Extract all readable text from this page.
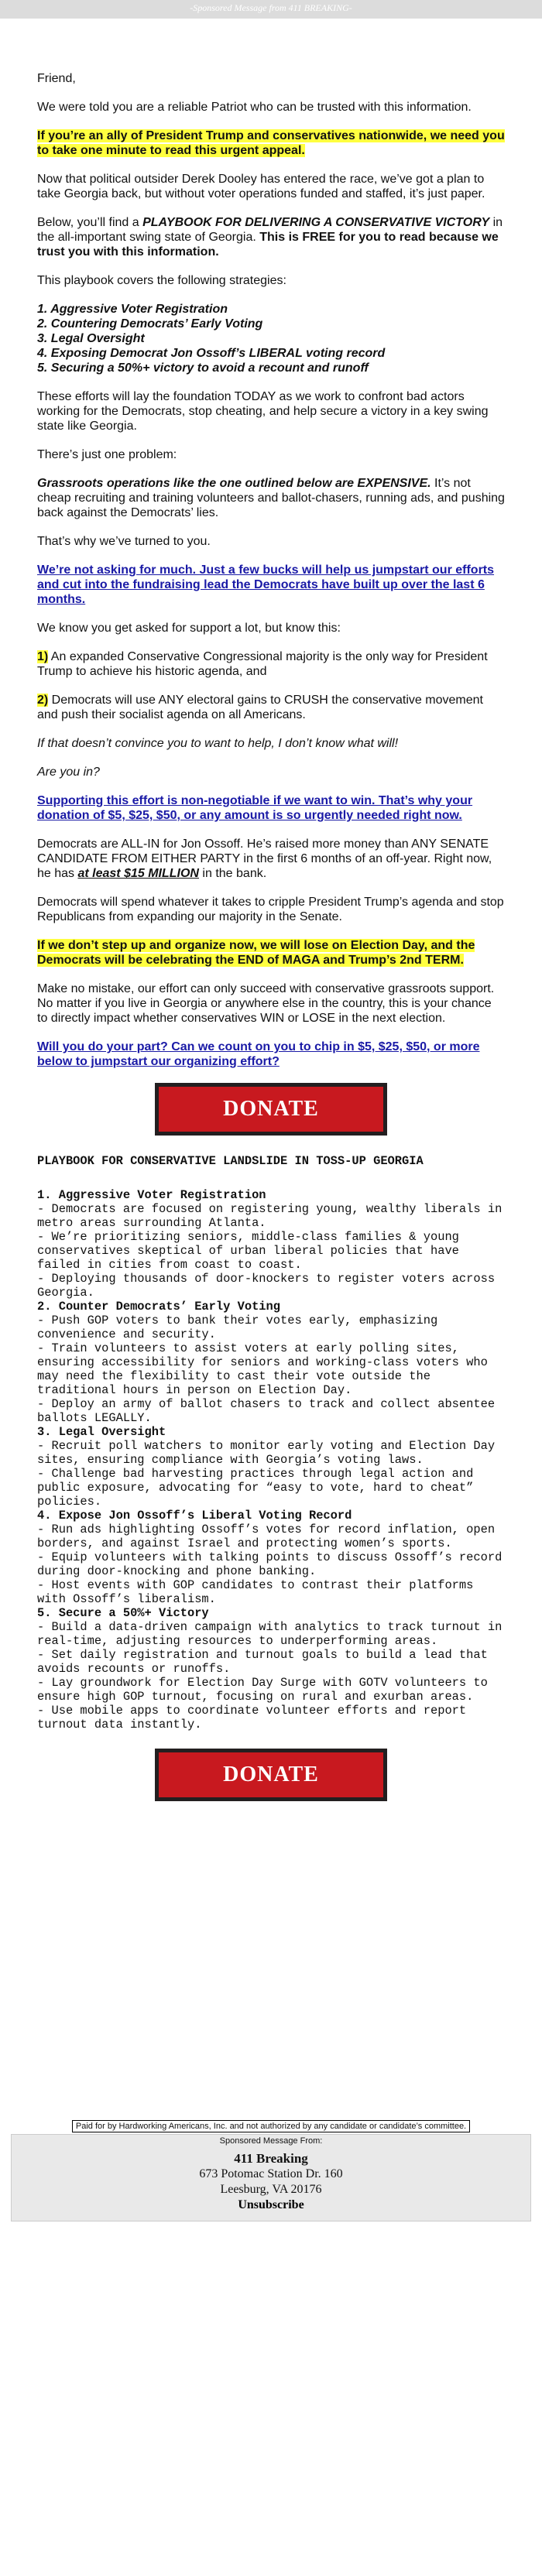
-Sponsored Message from 411 BREAKING-

Friend,

We were told you are a reliable Patriot who can be trusted with this information.

If you’re an ally of President Trump and conservatives nationwide, we need you to take one minute to read this urgent appeal.

Now that political outsider Derek Dooley has entered the race, we’ve got a plan to take Georgia back, but without voter operations funded and staffed, it’s just paper.

Below, you’ll find a PLAYBOOK FOR DELIVERING A CONSERVATIVE VICTORY in the all-important swing state of Georgia. This is FREE for you to read because we trust you with this information.

This playbook covers the following strategies:

1. Aggressive Voter Registration
2. Countering Democrats’ Early Voting
3. Legal Oversight
4. Exposing Democrat Jon Ossoff’s LIBERAL voting record
5. Securing a 50%+ victory to avoid a recount and runoff

These efforts will lay the foundation TODAY as we work to confront bad actors working for the Democrats, stop cheating, and help secure a victory in a key swing state like Georgia.

There’s just one problem:

Grassroots operations like the one outlined below are EXPENSIVE. It’s not cheap recruiting and training volunteers and ballot-chasers, running ads, and pushing back against the Democrats’ lies.

That’s why we’ve turned to you.

We’re not asking for much. Just a few bucks will help us jumpstart our efforts and cut into the fundraising lead the Democrats have built up over the last 6 months.

We know you get asked for support a lot, but know this:

1) An expanded Conservative Congressional majority is the only way for President Trump to achieve his historic agenda, and

2) Democrats will use ANY electoral gains to CRUSH the conservative movement and push their socialist agenda on all Americans.

If that doesn’t convince you to want to help, I don’t know what will!

Are you in?

Supporting this effort is non-negotiable if we want to win. That’s why your donation of $5, $25, $50, or any amount is so urgently needed right now.

Democrats are ALL-IN for Jon Ossoff. He’s raised more money than ANY SENATE CANDIDATE FROM EITHER PARTY in the first 6 months of an off-year. Right now, he has at least $15 MILLION in the bank.

Democrats will spend whatever it takes to cripple President Trump’s agenda and stop Republicans from expanding our majority in the Senate.

If we don’t step up and organize now, we will lose on Election Day, and the Democrats will be celebrating the END of MAGA and Trump’s 2nd TERM.

Make no mistake, our effort can only succeed with conservative grassroots support. No matter if you live in Georgia or anywhere else in the country, this is your chance to directly impact whether conservatives WIN or LOSE in the next election.

Will you do your part? Can we count on you to chip in $5, $25, $50, or more below to jumpstart our organizing effort?

DONATE
PLAYBOOK FOR CONSERVATIVE LANDSLIDE IN TOSS-UP GEORGIA
1. Aggressive Voter Registration
- Democrats are focused on registering young, wealthy liberals in metro areas surrounding Atlanta.
- We’re prioritizing seniors, middle-class families & young conservatives skeptical of urban liberal policies that have failed in cities from coast to coast.
- Deploying thousands of door-knockers to register voters across Georgia.
2. Counter Democrats’ Early Voting
- Push GOP voters to bank their votes early, emphasizing convenience and security.
- Train volunteers to assist voters at early polling sites, ensuring accessibility for seniors and working-class voters who may need the flexibility to cast their vote outside the traditional hours in person on Election Day.
- Deploy an army of ballot chasers to track and collect absentee ballots LEGALLY.
3. Legal Oversight
- Recruit poll watchers to monitor early voting and Election Day sites, ensuring compliance with Georgia’s voting laws.
- Challenge bad harvesting practices through legal action and public exposure, advocating for “easy to vote, hard to cheat” policies.
4. Expose Jon Ossoff’s Liberal Voting Record
- Run ads highlighting Ossoff’s votes for record inflation, open borders, and against Israel and protecting women’s sports.
- Equip volunteers with talking points to discuss Ossoff’s record during door-knocking and phone banking.
- Host events with GOP candidates to contrast their platforms with Ossoff’s liberalism.
5. Secure a 50%+ Victory
- Build a data-driven campaign with analytics to track turnout in real-time, adjusting resources to underperforming areas.
- Set daily registration and turnout goals to build a lead that avoids recounts or runoffs.
- Lay groundwork for Election Day Surge with GOTV volunteers to ensure high GOP turnout, focusing on rural and exurban areas.
- Use mobile apps to coordinate volunteer efforts and report turnout data instantly.
DONATE
Paid for by Hardworking Americans, Inc. and not authorized by any candidate or candidate’s committee.
Sponsored Message From:
411 Breaking
673 Potomac Station Dr. 160
Leesburg, VA 20176
Unsubscribe
